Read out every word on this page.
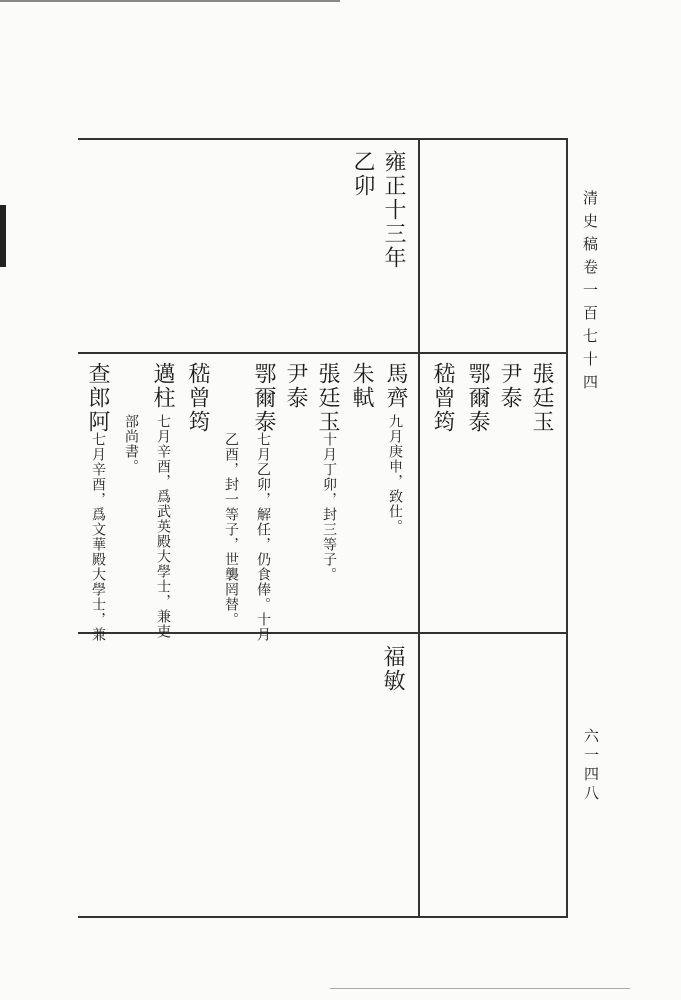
清史稿卷一百七十四
六一四八
雍正十三年
乙卯
張廷玉
尹泰
鄂爾泰
嵇曾筠
馬齊
九月庚申，致仕。
朱軾
張廷玉
十月丁卯，封三等子。
尹泰
鄂爾泰
七月乙卯，解任，仍食俸。十月
乙酉，封一等子，世襲罔替。
嵇曾筠
邁柱
七月辛酉，爲武英殿大學士，兼吏
部尚書。
查郎阿
七月辛酉，爲文華殿大學士，兼
福敏
